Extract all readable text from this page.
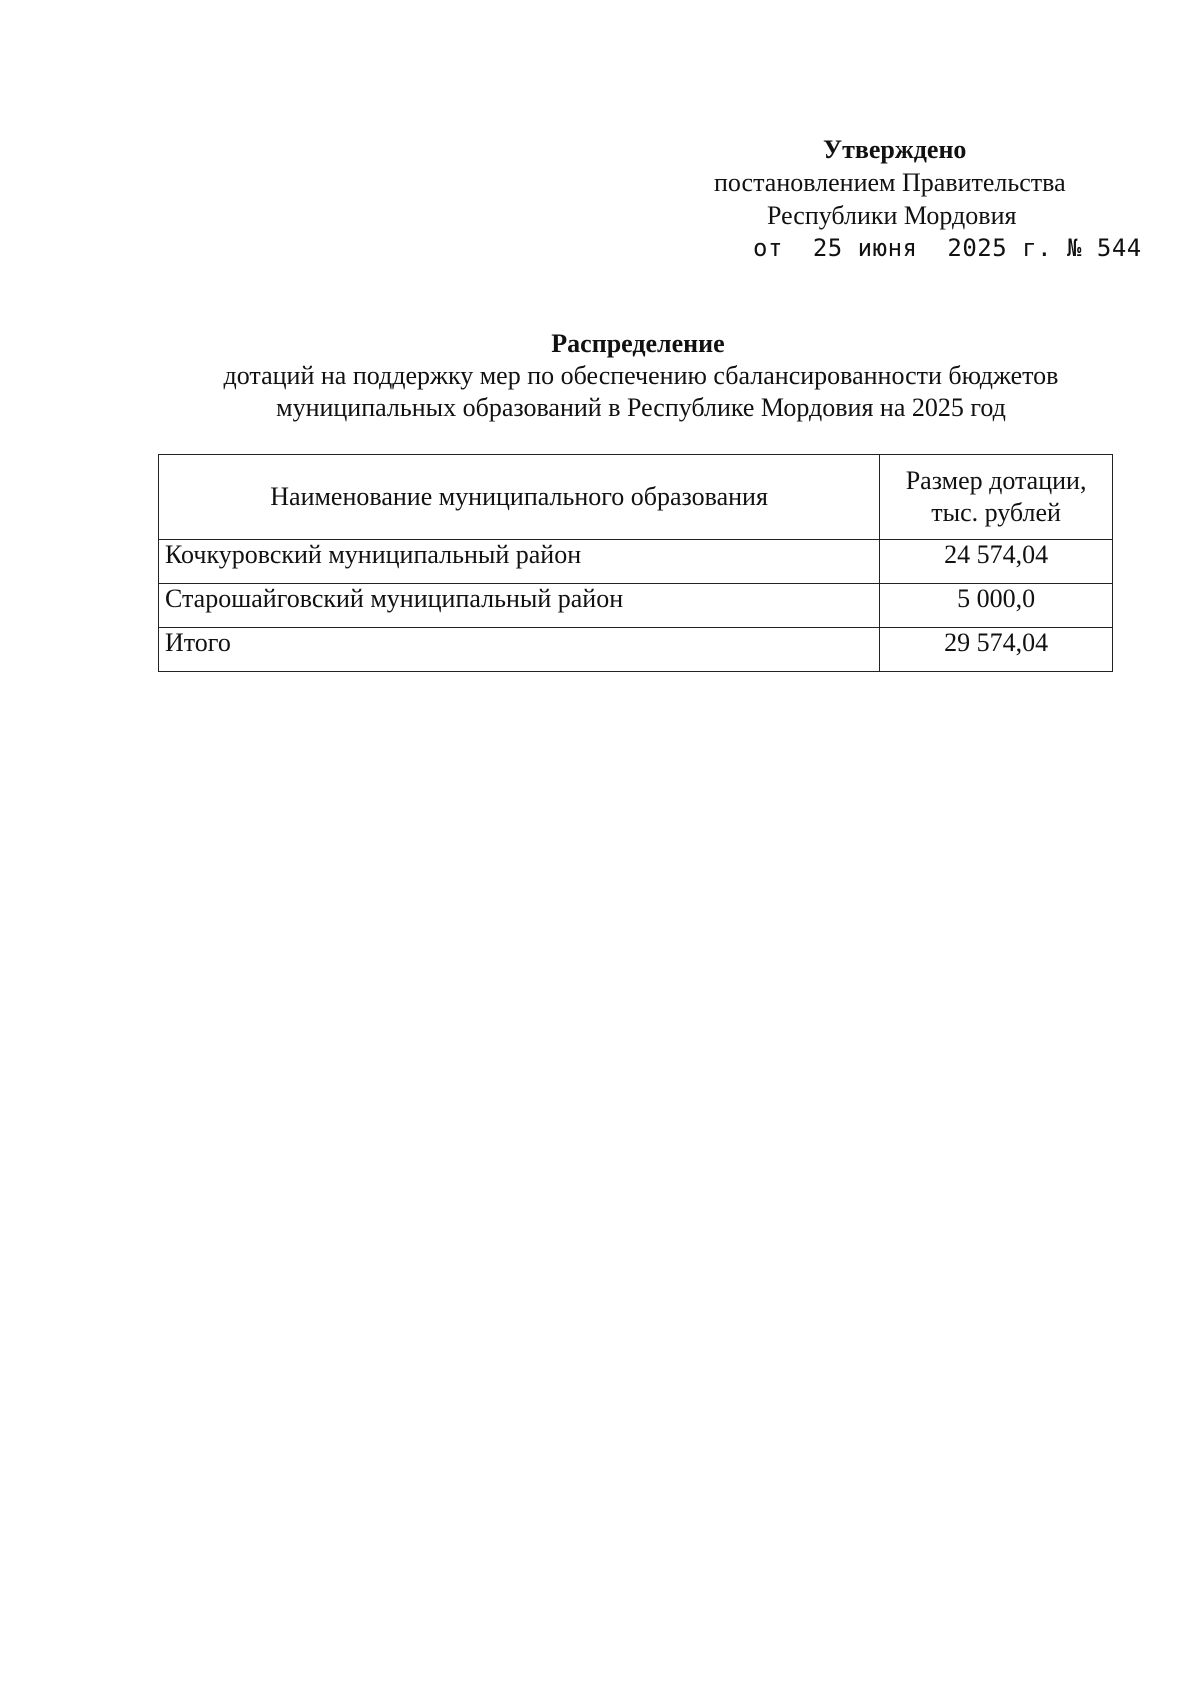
Утверждено
постановлением Правительства
Республики Мордовия
от 25 июня 2025 г. № 544
Распределение
дотаций на поддержку мер по обеспечению сбалансированности бюджетов
муниципальных образований в Республике Мордовия на 2025 год
Наименование муниципального образования	Размер дотации,
тыс. рублей

Кочкуровский муниципальный район	24 574,04
Старошайговский муниципальный район	5 000,0
Итого	29 574,04
